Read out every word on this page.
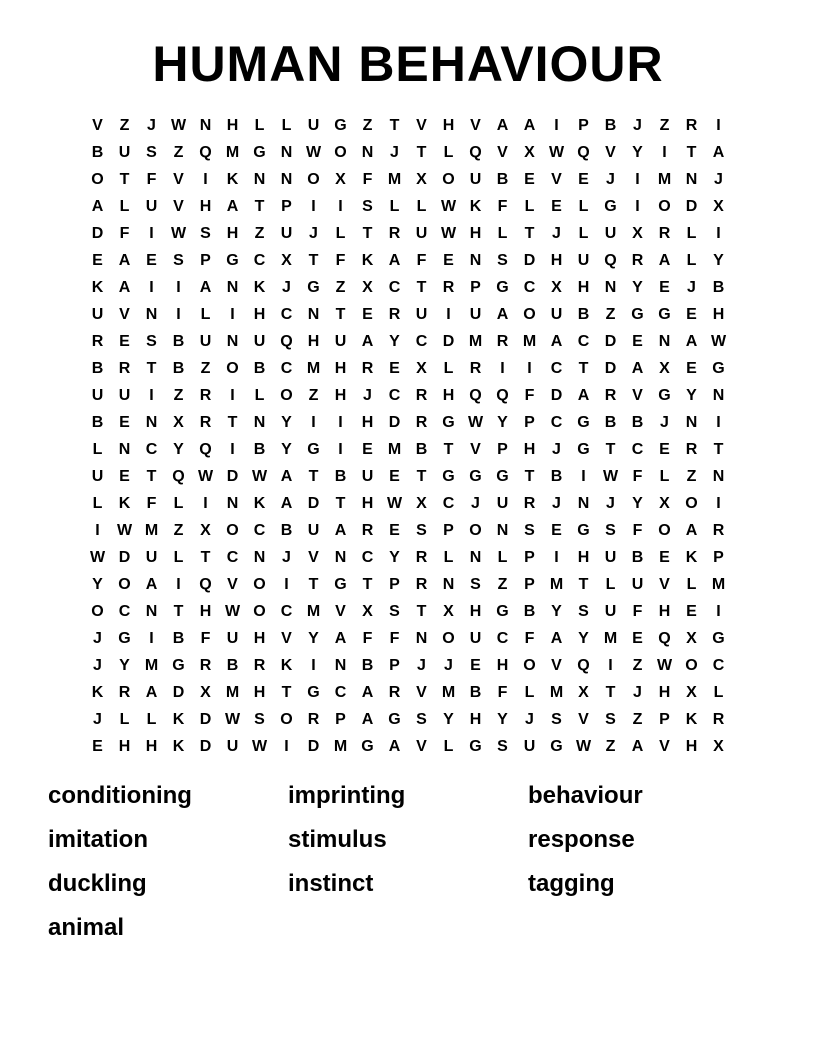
HUMAN BEHAVIOUR
V	Z	J W N H	L	L	U G Z	T	V H V A A	I	P B	J	Z	R	I
B U S	Z Q M G N W O N	J	T	L Q V	X W Q V	Y	I	T	A
O T	F	V	I	K N N O X	F M X O U B E	V	E	J	I	M N	J
A	L	U V H A	T	P	I	I	S	L	L W K	F	L	E	L G	I	O D X
D	F	I	W S H	Z	U	J	L	T	R U W H	L	T	J	L	U X R	L	I
E A E	S	P G C X	T	F	K A	F	E N S D H U Q R A	L	Y
K A	I	I	A N K	J	G Z	X C	T	R P G C X H N Y	E	J	B
U V N	I	L	I	H C N	T	E R U	I	U A O U B	Z G G E H
R E	S B U N U Q H U A Y C D M R M A C D E N A W
B R	T	B	Z O B C M H R E	X	L	R	I	I	C	T	D A X	E G
U U	I	Z	R	I	L O Z	H	J	C R H Q Q F	D A R V G Y N
B E N X R	T	N Y	I	I	H D R G W Y	P C G B B	J	N	I
L	N C Y Q	I	B Y G	I	E M B	T	V	P H	J	G T	C E R	T
U E	T Q W D W A	T	B U E	T G G G T	B	I	W F	L	Z	N
L	K	F	L	I	N K A D	T	H W X C	J	U R	J	N	J	Y	X O	I
I	W M Z	X O C B U A R E	S	P O N S	E G S	F O A R
W D U	L	T	C N	J	V N C Y R	L	N	L	P	I	H U B E K P
Y O A	I	Q V O	I	T G T	P R N S	Z	P M T	L	U V	L M
O C N	T	H W O C M V	X	S	T	X H G B Y	S U	F	H E	I
J	G	I	B	F	U H V	Y A	F	F	N O U C	F	A Y M E Q X G
J	Y M G R B R K	I	N B P	J	J	E H O V Q	I	Z W O C
K R A D X M H	T G C A R V M B	F	L M X	T	J	H X	L
J	L	L	K D W S O R P A G S	Y H Y	J	S	V	S	Z	P K R
E H H K D U W	I	D M G A V	L G S U G W Z	A V H X
conditioning	imprinting	behaviour
imitation	stimulus	response
duckling	instinct	tagging
animal
